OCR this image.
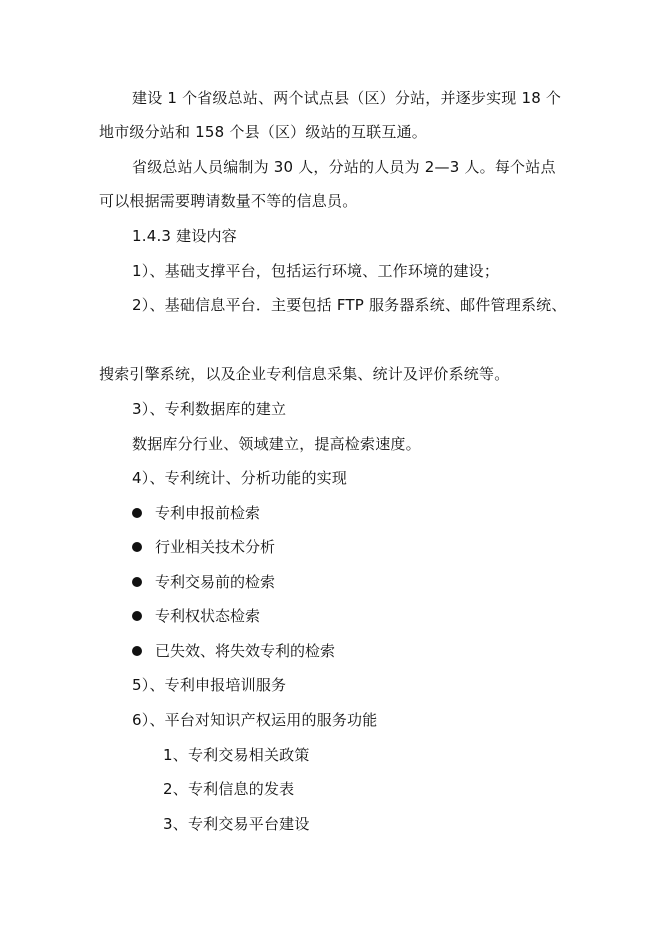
建设 1 个省级总站、两个试点县（区）分站，并逐步实现 18 个
地市级分站和 158 个县（区）级站的互联互通。
省级总站人员编制为 30 人，分站的人员为 2—3 人。每个站点
可以根据需要聘请数量不等的信息员。
1.4.3 建设内容
1）、基础支撑平台，包括运行环境、工作环境的建设；
2）、基础信息平台．主要包括 FTP 服务器系统、邮件管理系统、
搜索引擎系统，以及企业专利信息采集、统计及评价系统等。
3）、专利数据库的建立
数据库分行业、领域建立，提高检索速度。
4）、专利统计、分析功能的实现
专利申报前检索
行业相关技术分析
专利交易前的检索
专利权状态检索
已失效、将失效专利的检索
5）、专利申报培训服务
6）、平台对知识产权运用的服务功能
1、专利交易相关政策
2、专利信息的发表
3、专利交易平台建设
